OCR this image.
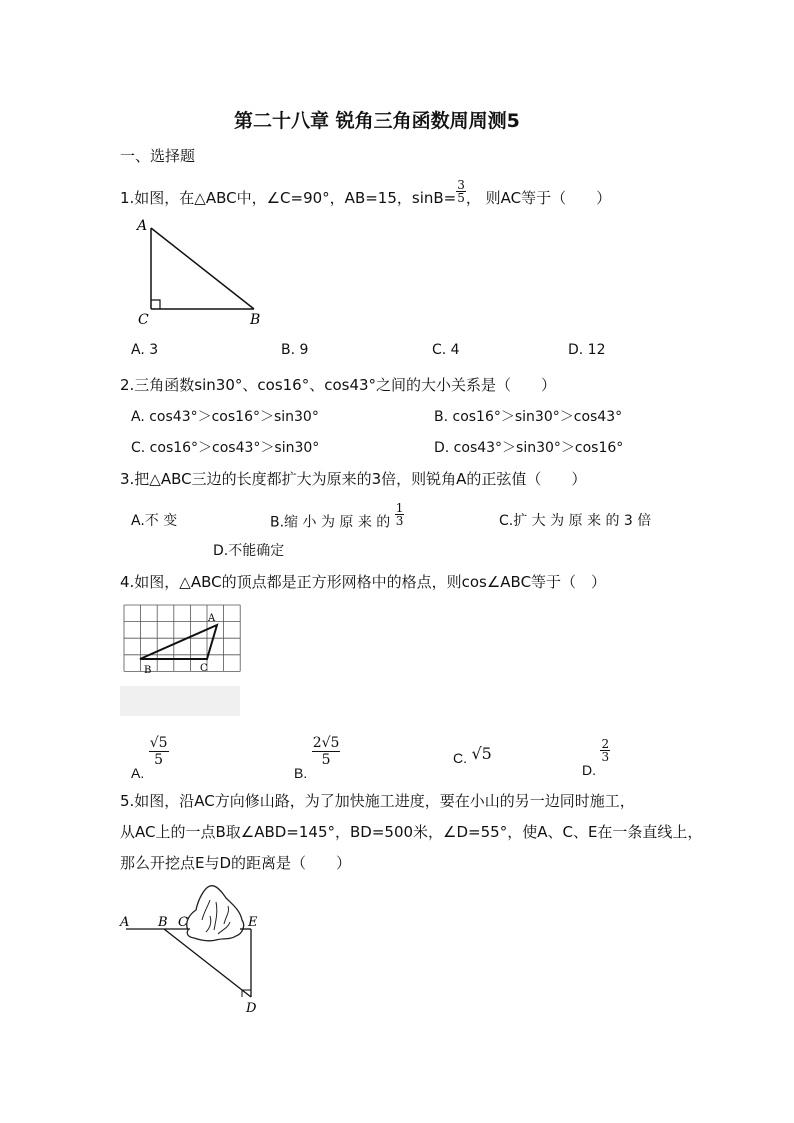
第二十八章 锐角三角函数周周测5
一、选择题
1.如图，在△ABC中，∠C=90°，AB=15，$\sin B= \frac{3}{5}$ ， 则AC等于（　　）
A
C	B
A. 3	B. 9	C. 4	D. 12
2.三角函数sin30°、cos16°、cos43°之间的大小关系是（　　）
A. cos43°＞cos16°＞sin30°	B. cos16°＞sin30°＞cos43°
C. cos16°＞cos43°＞sin30°	D. cos43°＞sin30°＞cos16°
3.把△ABC三边的长度都扩大为原来的3倍，则锐角A的正弦值（　　）
A.不 变	B.缩 小 为 原 来 的 $\frac{1}{3}$	C.扩 大 为 原 来 的 3 倍
D.不能确定
4.如图，△ABC的顶点都是正方形网格中的格点，则cos∠ABC等于（　）
A
B	C
A.
$\frac{√5}{5}$
B.
$\frac{2√5}{5}$	C. √5
D.
$\frac{2}{3}$
5.如图，沿AC方向修山路，为了加快施工进度，要在小山的另一边同时施工，
从AC上的一点B取∠ABD=145°，BD=500米，∠D=55°，使A、C、E在一条直线上，
那么开挖点E与D的距离是（　　）
A B C	E
D
